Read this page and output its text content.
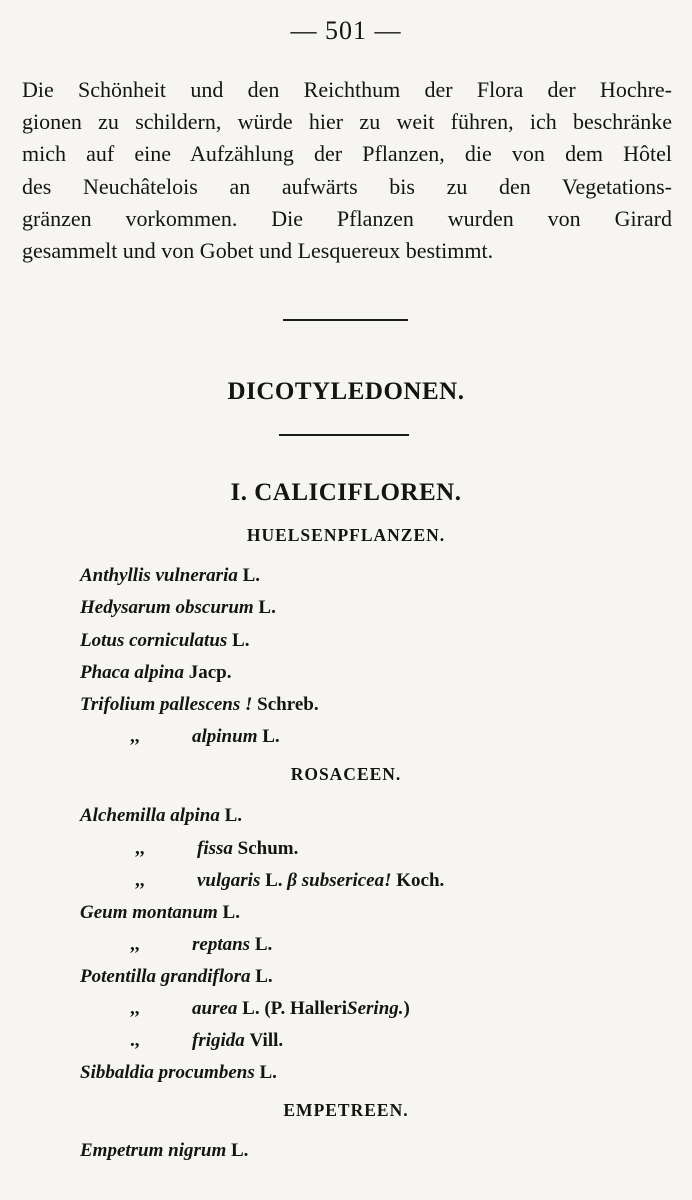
— 501 —
Die Schönheit und den Reichthum der Flora der Hochre-
gionen zu schildern, würde hier zu weit führen, ich beschränke
mich auf eine Aufzählung der Pflanzen, die von dem Hôtel
des Neuchâtelois an aufwärts bis zu den Vegetations-
gränzen vorkommen. Die Pflanzen wurden von Girard
gesammelt und von Gobet und Lesquereux bestimmt.
DICOTYLEDONEN.
I. CALICIFLOREN.
HUELSENPFLANZEN.
Anthyllis vulneraria L.
Hedysarum obscurum L.
Lotus corniculatus L.
Phaca alpina Jacp.
Trifolium pallescens ! Schreb.
,,	alpinum L.
ROSACEEN.
Alchemilla alpina L.
,,	fissa Schum.
,,	vulgaris L. β subsericea! Koch.
Geum montanum L.
,,	reptans L.
Potentilla grandiflora L.
,,	aurea L. (P. HalleriSering.)
.,	frigida Vill.
Sibbaldia procumbens L.
EMPETREEN.
Empetrum nigrum L.
